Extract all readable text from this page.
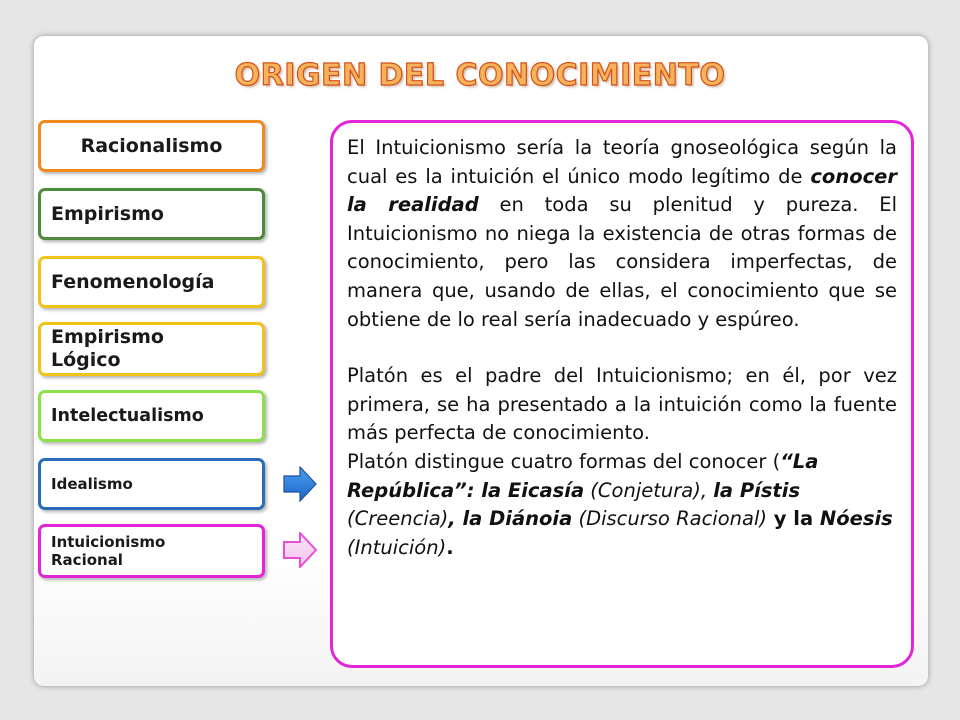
ORIGEN DEL CONOCIMIENTO
Racionalismo
Empirismo
Fenomenología
Empirismo
Lógico
Intelectualismo
Idealismo
Intuicionismo
Racional

El Intuicionismo sería la teoría gnoseológica según la cual es la intuición el único modo legítimo de conocer la realidad en toda su plenitud y pureza. El Intuicionismo no niega la existencia de otras formas de conocimiento, pero las considera imperfectas, de manera que, usando de ellas, el conocimiento que se obtiene de lo real sería inadecuado y espúreo.

Platón es el padre del Intuicionismo; en él, por vez primera, se ha presentado a la intuición como la fuente más perfecta de conocimiento.

Platón distingue cuatro formas del conocer (“La República”: la Eicasía (Conjetura), la Pístis (Creencia), la Diánoia (Discurso Racional) y la Nóesis (Intuición).
